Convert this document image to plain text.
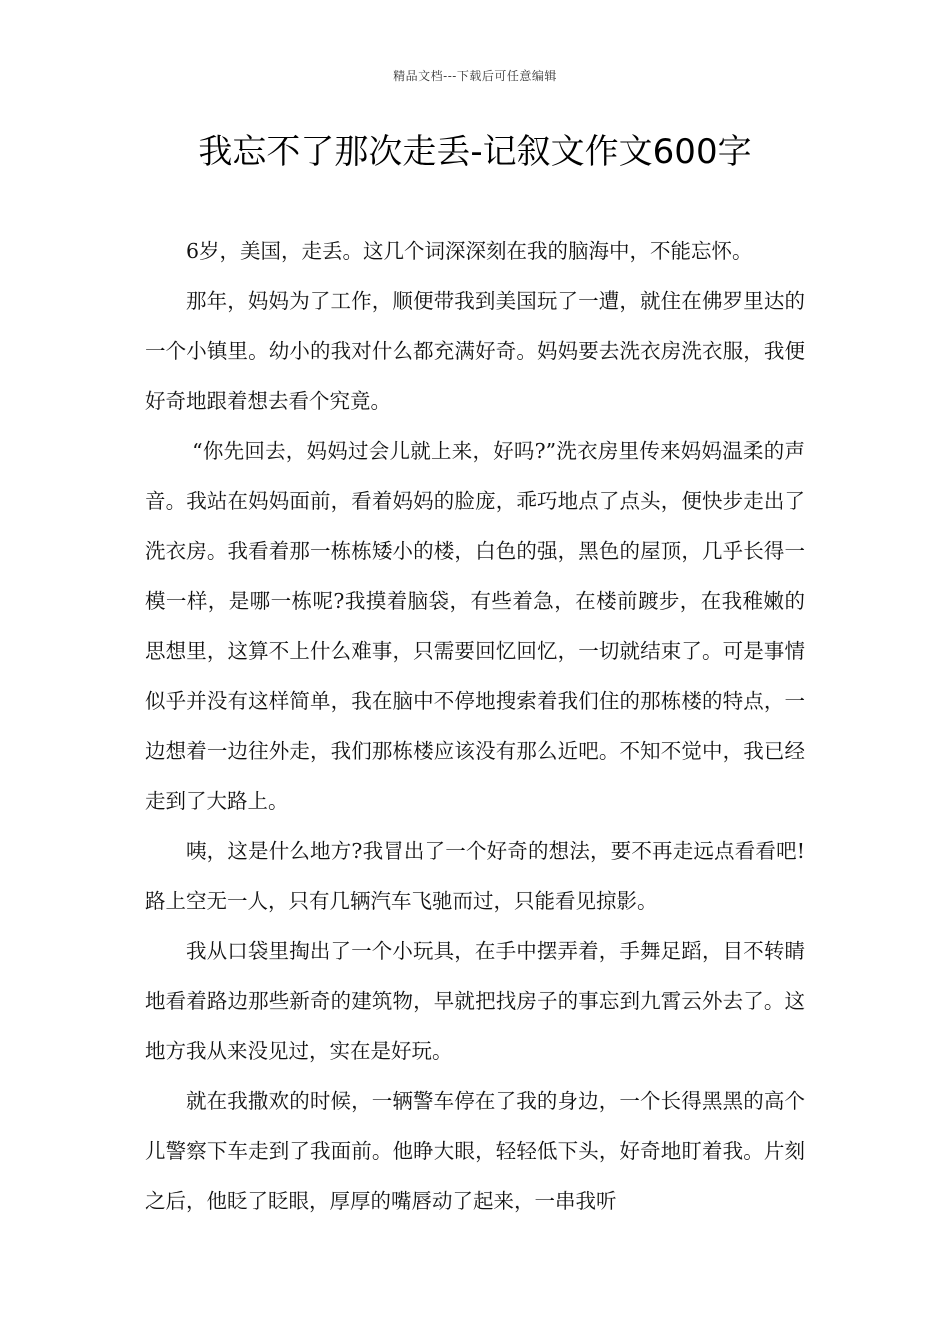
精品文档---下载后可任意编辑
我忘不了那次走丢-记叙文作文600字

6岁，美国，走丢。这几个词深深刻在我的脑海中，不能忘怀。

那年，妈妈为了工作，顺便带我到美国玩了一遭，就住在佛罗里达的一个小镇里。幼小的我对什么都充满好奇。妈妈要去洗衣房洗衣服，我便好奇地跟着想去看个究竟。

“你先回去，妈妈过会儿就上来，好吗?”洗衣房里传来妈妈温柔的声音。我站在妈妈面前，看着妈妈的脸庞，乖巧地点了点头，便快步走出了洗衣房。我看着那一栋栋矮小的楼，白色的强，黑色的屋顶，几乎长得一模一样，是哪一栋呢?我摸着脑袋，有些着急，在楼前踱步，在我稚嫩的思想里，这算不上什么难事，只需要回忆回忆，一切就结束了。可是事情似乎并没有这样简单，我在脑中不停地搜索着我们住的那栋楼的特点，一边想着一边往外走，我们那栋楼应该没有那么近吧。不知不觉中，我已经走到了大路上。

咦，这是什么地方?我冒出了一个好奇的想法，要不再走远点看看吧!路上空无一人，只有几辆汽车飞驰而过，只能看见掠影。

我从口袋里掏出了一个小玩具，在手中摆弄着，手舞足蹈，目不转睛地看着路边那些新奇的建筑物，早就把找房子的事忘到九霄云外去了。这地方我从来没见过，实在是好玩。

就在我撒欢的时候，一辆警车停在了我的身边，一个长得黑黑的高个儿警察下车走到了我面前。他睁大眼，轻轻低下头，好奇地盯着我。片刻之后，他眨了眨眼，厚厚的嘴唇动了起来，一串我听
